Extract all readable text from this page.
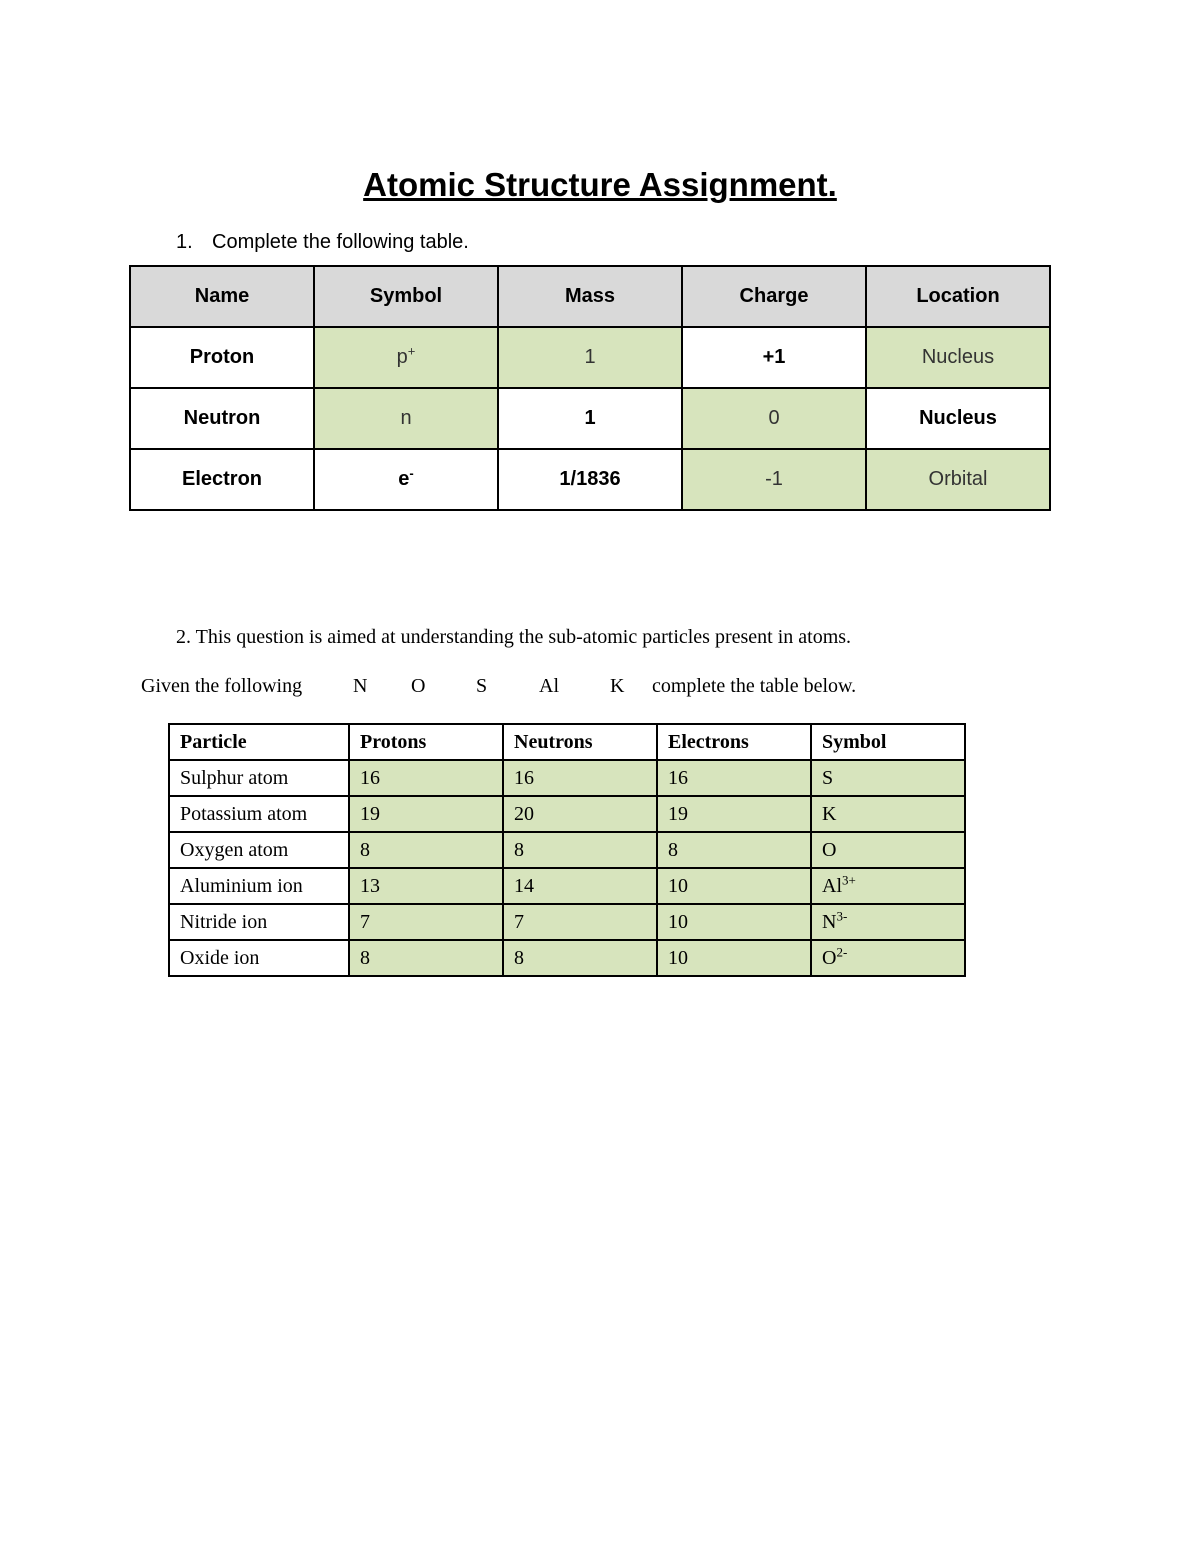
Atomic Structure Assignment.
1. Complete the following table.
Name	Symbol	Mass	Charge	Location
Proton	p+	1	+1	Nucleus
Neutron	n	1	0	Nucleus
Electron	e-	1/1836	-1	Orbital
2. This question is aimed at understanding the sub-atomic particles present in atoms.
Given the following	N O	S	Al	K complete the table below.
Particle	Protons	Neutrons	Electrons	Symbol
Sulphur atom	16	16	16	S
Potassium atom	19	20	19	K
Oxygen atom	8	8	8	O
Aluminium ion	13	14	10	$Al^{3+}$
Nitride ion	7	7	10	$N^{3-}$
Oxide ion	8	8	10	$O^{2-}$
